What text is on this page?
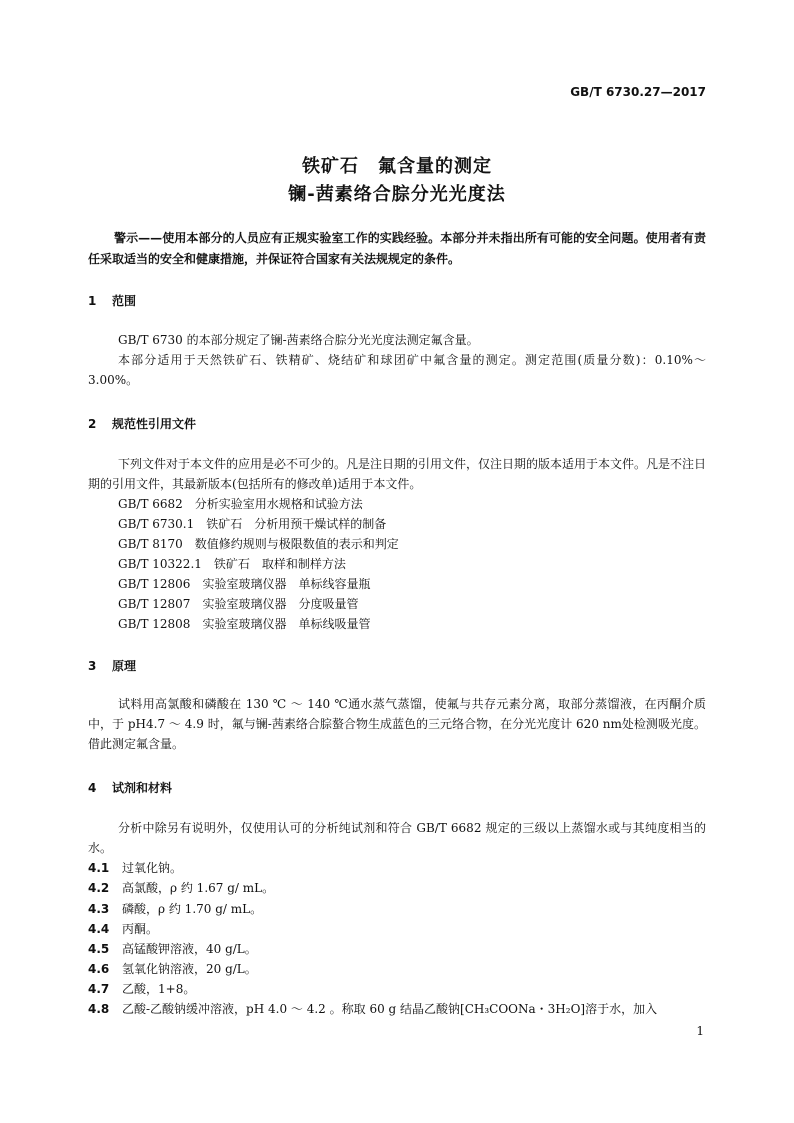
GB/T 6730.27—2017
铁矿石　氟含量的测定
镧-茜素络合腙分光光度法
警示——使用本部分的人员应有正规实验室工作的实践经验。本部分并未指出所有可能的安全问题。使用者有责任采取适当的安全和健康措施，并保证符合国家有关法规规定的条件。
1 范围
GB/T 6730 的本部分规定了镧-茜素络合腙分光光度法测定氟含量。
本部分适用于天然铁矿石、铁精矿、烧结矿和球团矿中氟含量的测定。测定范围(质量分数)：0.10%～3.00%。
2 规范性引用文件
下列文件对于本文件的应用是必不可少的。凡是注日期的引用文件，仅注日期的版本适用于本文件。凡是不注日期的引用文件，其最新版本(包括所有的修改单)适用于本文件。
GB/T 6682　分析实验室用水规格和试验方法
GB/T 6730.1　铁矿石　分析用预干燥试样的制备
GB/T 8170　数值修约规则与极限数值的表示和判定
GB/T 10322.1　铁矿石　取样和制样方法
GB/T 12806　实验室玻璃仪器　单标线容量瓶
GB/T 12807　实验室玻璃仪器　分度吸量管
GB/T 12808　实验室玻璃仪器　单标线吸量管
3 原理
试料用高氯酸和磷酸在 130 ℃ ～ 140 ℃通水蒸气蒸馏，使氟与共存元素分离，取部分蒸馏液，在丙酮介质中，于 pH4.7 ～ 4.9 时，氟与镧-茜素络合腙螯合物生成蓝色的三元络合物，在分光光度计 620 nm处检测吸光度。借此测定氟含量。
4 试剂和材料
分析中除另有说明外，仅使用认可的分析纯试剂和符合 GB/T 6682 规定的三级以上蒸馏水或与其纯度相当的水。
4.1 过氧化钠。
4.2 高氯酸，ρ 约 1.67 g/ mL。
4.3 磷酸，ρ 约 1.70 g/ mL。
4.4 丙酮。
4.5 高锰酸钾溶液，40 g/L。
4.6 氢氧化钠溶液，20 g/L。
4.7 乙酸，1+8。
4.8 乙酸-乙酸钠缓冲溶液，pH 4.0 ～ 4.2 。称取 60 g 结晶乙酸钠[CH₃COONa・3H₂O]溶于水，加入
1
